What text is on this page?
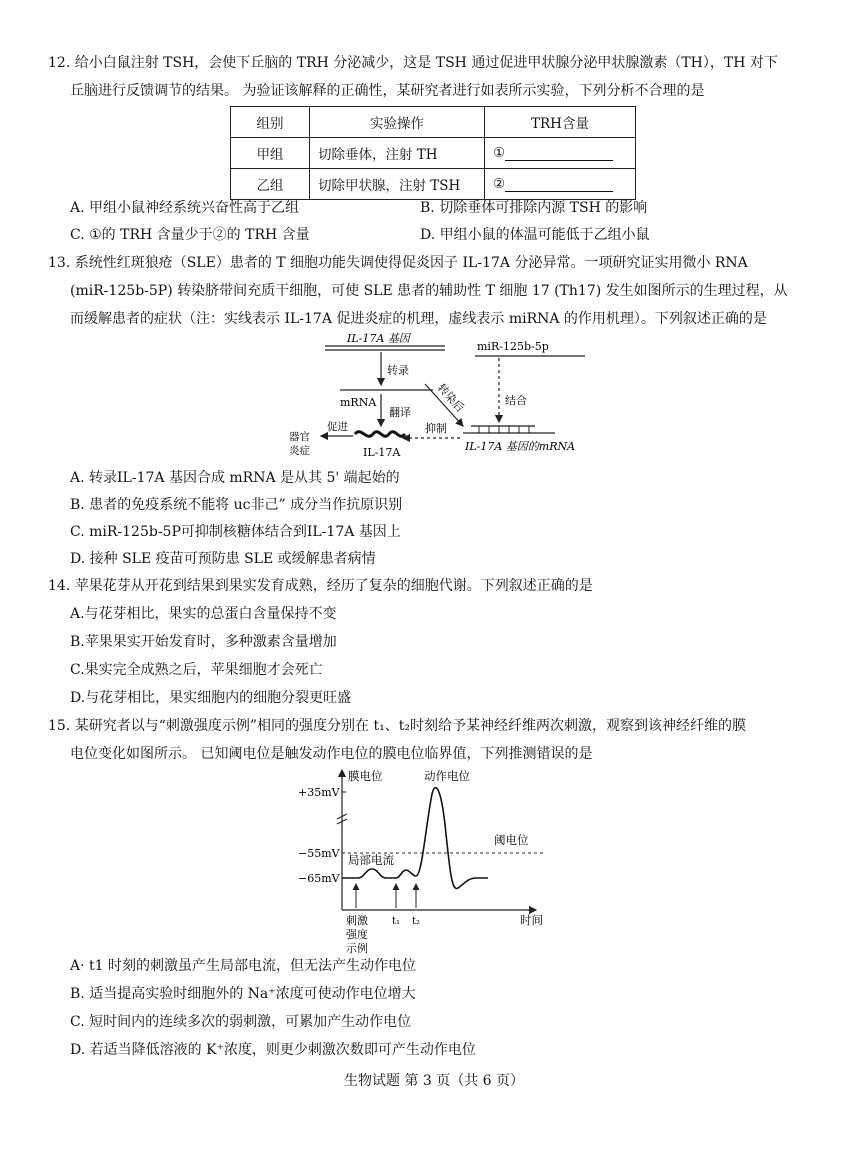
12. 给小白鼠注射 TSH，会使下丘脑的 TRH 分泌减少，这是 TSH 通过促进甲状腺分泌甲状腺激素（TH），TH 对下
丘脑进行反馈调节的结果。 为验证该解释的正确性，某研究者进行如表所示实验，下列分析不合理的是
组别	实验操作	TRH含量
甲组	切除垂体，注射 TH	①
乙组	切除甲状腺，注射 TSH	②
A. 甲组小鼠神经系统兴奋性高于乙组	B. 切除垂体可排除内源 TSH 的影响
C. ①的 TRH 含量少于②的 TRH 含量	D. 甲组小鼠的体温可能低于乙组小鼠
13. 系统性红斑狼疮（SLE）患者的 T 细胞功能失调使得促炎因子 IL-17A 分泌异常。一项研究证实用微小 RNA
(miR-125b-5P) 转染脐带间充质干细胞，可使 SLE 患者的辅助性 T 细胞 17 (Th17) 发生如图所示的生理过程，从
而缓解患者的症状（注：实线表示 IL-17A 促进炎症的机理，虚线表示 miRNA 的作用机理）。下列叙述正确的是
IL-17A 基因
转录
mRNA
翻译 转染后
miR-125b-5p
结合
IL-17A 基因的mRNA
抑制
促进
IL-17A
器官
炎症
A. 转录IL-17A 基因合成 mRNA 是从其 5' 端起始的
B. 患者的免疫系统不能将 uc非己” 成分当作抗原识别
C. miR-125b-5P可抑制核糖体结合到IL-17A 基因上
D. 接种 SLE 疫苗可预防患 SLE 或缓解患者病情
14. 苹果花芽从开花到结果到果实发育成熟，经历了复杂的细胞代谢。下列叙述正确的是
A.与花芽相比，果实的总蛋白含量保持不变
B.苹果果实开始发育时，多种激素含量增加
C.果实完全成熟之后，苹果细胞才会死亡
D.与花芽相比，果实细胞内的细胞分裂更旺盛
15. 某研究者以与“刺激强度示例”相同的强度分别在 t₁、t₂时刻给予某神经纤维两次刺激，观察到该神经纤维的膜
电位变化如图所示。 已知阈电位是触发动作电位的膜电位临界值，下列推测错误的是
膜电位	动作电位
+35mV
−55mV
−65mV
阈电位
局部电流
刺激
强度
示例
t₁ t₂	时间
A· t1 时刻的刺激虽产生局部电流，但无法产生动作电位
B. 适当提高实验时细胞外的 Na⁺浓度可使动作电位增大
C. 短时间内的连续多次的弱刺激，可累加产生动作电位
D. 若适当降低溶液的 K⁺浓度，则更少刺激次数即可产生动作电位
生物试题 第 3 页（共 6 页）
